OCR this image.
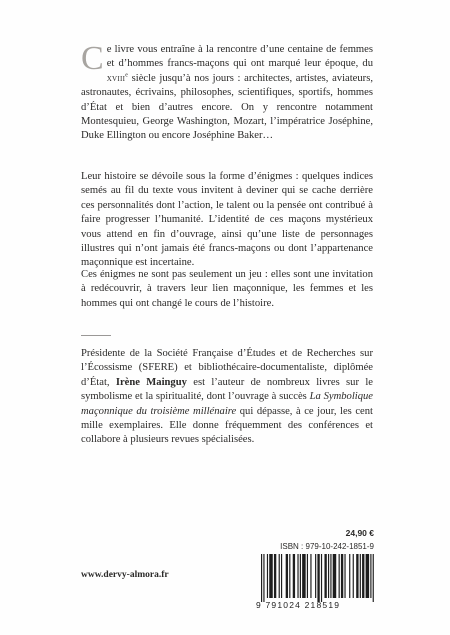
Ce livre vous entraîne à la rencontre d’une centaine de femmes et d’hommes francs-maçons qui ont marqué leur époque, du xviii$^e$ siècle jusqu’à nos jours : architectes, artistes, aviateurs, astronautes, écrivains, philosophes, scientifiques, sportifs, hommes d’État et bien d’autres encore. On y rencontre notamment Montesquieu, George Washington, Mozart, l’impératrice Joséphine, Duke Ellington ou encore Joséphine Baker…

Leur histoire se dévoile sous la forme d’énigmes : quelques indices semés au fil du texte vous invitent à deviner qui se cache derrière ces personnalités dont l’action, le talent ou la pensée ont contribué à faire progresser l’humanité. L’identité de ces maçons mystérieux vous attend en fin d’ouvrage, ainsi qu’une liste de personnages illustres qui n’ont jamais été francs-maçons ou dont l’appartenance maçonnique est incertaine.

Ces énigmes ne sont pas seulement un jeu : elles sont une invitation à redécouvrir, à travers leur lien maçonnique, les femmes et les hommes qui ont changé le cours de l’histoire.

Présidente de la Société Française d’Études et de Recherches sur l’Écossisme (SFERE) et bibliothécaire-documentaliste, diplômée d’État, Irène Mainguy est l’auteur de nombreux livres sur le symbolisme et la spiritualité, dont l’ouvrage à succès La Symbolique maçonnique du troisième millénaire qui dépasse, à ce jour, les cent mille exemplaires. Elle donne fréquemment des conférences et collabore à plusieurs revues spécialisées.

24,90 €
ISBN : 979-10-242-1851-9
9 791024 218519
www.dervy-almora.fr
